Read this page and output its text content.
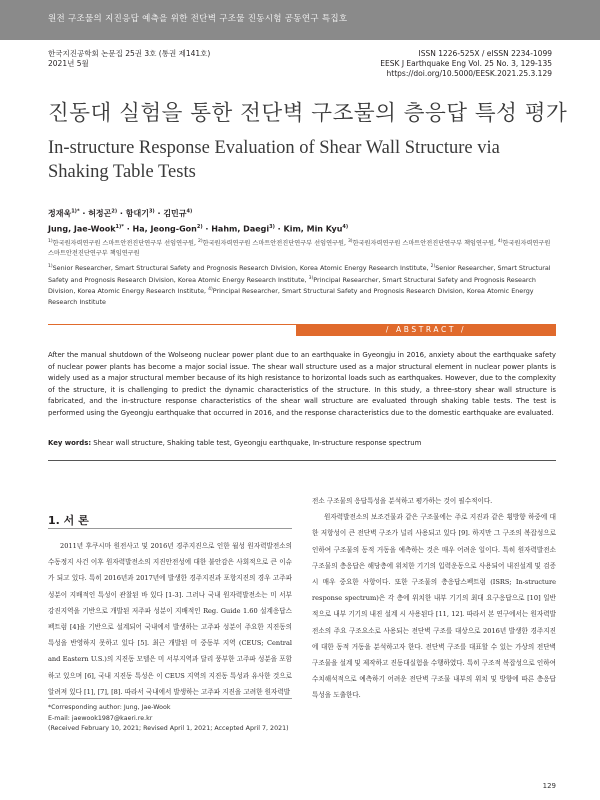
원전 구조물의 지진응답 예측을 위한 전단벽 구조물 진동시험 공동연구 특집호
한국지진공학회 논문집 25권 3호 (통권 제141호)
2021년 5월
ISSN 1226-525X / eISSN 2234-1099
EESK J Earthquake Eng Vol. 25 No. 3, 129-135
https://doi.org/10.5000/EESK.2021.25.3.129
진동대 실험을 통한 전단벽 구조물의 층응답 특성 평가
In-structure Response Evaluation of Shear Wall Structure via Shaking Table Tests
정재욱$^{1)*}$ · 허정곤$^{2)}$ · 함대기$^{3)}$ · 김민규$^{4)}$
Jung, Jae-Wook$^{1)*}$ · Ha, Jeong-Gon$^{2)}$ · Hahm, Daegi$^{3)}$ · Kim, Min Kyu$^{4)}$
$^{1)}$한국원자력연구원 스마트안전진단연구부 선임연구원, $^{2)}$한국원자력연구원 스마트안전진단연구부 선임연구원, $^{3)}$한국원자력연구원 스마트안전진단연구부 책임연구원, $^{4)}$한국원자력연구원 스마트안전진단연구부 책임연구원
$^{1)}$Senior Researcher, Smart Structural Safety and Prognosis Research Division, Korea Atomic Energy Research Institute, $^{2)}$Senior Researcher, Smart Structural Safety and Prognosis Research Division, Korea Atomic Energy Research Institute, $^{3)}$Principal Researcher, Smart Structural Safety and Prognosis Research Division, Korea Atomic Energy Research Institute, $^{4)}$Principal Researcher, Smart Structural Safety and Prognosis Research Division, Korea Atomic Energy Research Institute
/ ABSTRACT /
After the manual shutdown of the Wolseong nuclear power plant due to an earthquake in Gyeongju in 2016, anxiety about the earthquake safety of nuclear power plants has become a major social issue. The shear wall structure used as a major structural element in nuclear power plants is widely used as a major structural member because of its high resistance to horizontal loads such as earthquakes. However, due to the complexity of the structure, it is challenging to predict the dynamic characteristics of the structure. In this study, a three-story shear wall structure is fabricated, and the in-structure response characteristics of the shear wall structure are evaluated through shaking table tests. The test is performed using the Gyeongju earthquake that occurred in 2016, and the response characteristics due to the domestic earthquake are evaluated.
Key words: Shear wall structure, Shaking table test, Gyeongju earthquake, In-structure response spectrum
1. 서 론

2011년 후쿠시마 원전사고 및 2016년 경주지진으로 인한 월성 원자력발전소의 수동정지 사건 이후 원자력발전소의 지진안전성에 대한 불안감은 사회적으로 큰 이슈가 되고 있다. 특히 2016년과 2017년에 발생한 경주지진과 포항지진의 경우 고주파 성분이 지배적인 특성이 관찰된 바 있다 [1-3]. 그러나 국내 원자력발전소는 미 서부 강진지역을 기반으로 개발된 저주파 성분이 지배적인 Reg. Guide 1.60 설계응답스펙트럼 [4]을 기반으로 설계되어 국내에서 발생하는 고주파 성분이 주요한 지진동의 특성을 반영하지 못하고 있다 [5]. 최근 개발된 미 중동부 지역 (CEUS; Central and Eastern U.S.)의 지진동 모델은 미 서부지역과 달리 풍부한 고주파 성분을 포함하고 있으며 [6], 국내 지진동 특성은 이 CEUS 지역의 지진동 특성과 유사한 것으로 알려져 있다 [1], [7], [8]. 따라서 국내에서 발생하는 고주파 지진을 고려한 원자력발

전소 구조물의 응답특성을 분석하고 평가하는 것이 필수적이다.

원자력발전소의 보조건물과 같은 구조물에는 주로 지진과 같은 횡방향 하중에 대한 저항성이 큰 전단벽 구조가 널리 사용되고 있다 [9]. 하지만 그 구조의 복잡성으로 인하여 구조물의 동적 거동을 예측하는 것은 매우 어려운 일이다. 특히 원자력발전소 구조물의 층응답은 해당층에 위치한 기기의 입력운동으로 사용되어 내진설계 및 검증 시 매우 중요한 사항이다. 또한 구조물의 층응답스펙트럼 (ISRS; In-structure response spectrum)은 각 층에 위치한 내부 기기의 최대 요구응답으로 [10] 일반적으로 내부 기기의 내진 설계 시 사용된다 [11, 12]. 따라서 본 연구에서는 원자력발전소의 주요 구조요소로 사용되는 전단벽 구조를 대상으로 2016년 발생한 경주지진에 대한 동적 거동을 분석하고자 한다. 전단벽 구조를 대표할 수 있는 가상의 전단벽 구조물을 설계 및 제작하고 진동대실험을 수행하였다. 특히 구조적 복잡성으로 인하여 수치해석적으로 예측하기 어려운 전단벽 구조물 내부의 위치 및 방향에 따른 층응답 특성을 도출한다.

*Corresponding author: Jung, Jae-Wook
E-mail: jaewook1987@kaeri.re.kr
(Received February 10, 2021; Revised April 1, 2021; Accepted April 7, 2021)
129
